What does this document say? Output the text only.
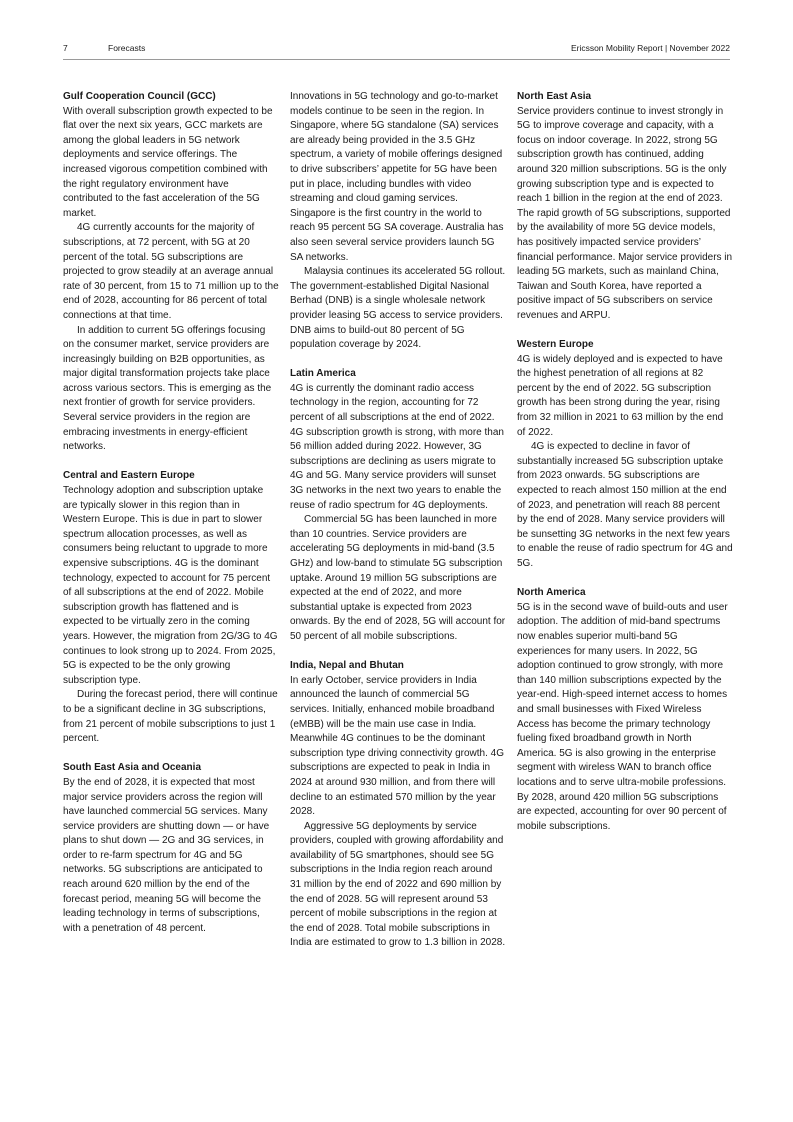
7	Forecasts	Ericsson Mobility Report | November 2022
Gulf Cooperation Council (GCC)

With overall subscription growth expected to be flat over the next six years, GCC markets are among the global leaders in 5G network deployments and service offerings. The increased vigorous competition combined with the right regulatory environment have contributed to the fast acceleration of the 5G market.

4G currently accounts for the majority of subscriptions, at 72 percent, with 5G at 20 percent of the total. 5G subscriptions are projected to grow steadily at an average annual rate of 30 percent, from 15 to 71 million up to the end of 2028, accounting for 86 percent of total connections at that time.

In addition to current 5G offerings focusing on the consumer market, service providers are increasingly building on B2B opportunities, as major digital transformation projects take place across various sectors. This is emerging as the next frontier of growth for service providers. Several service providers in the region are embracing investments in energy-efficient networks.

Central and Eastern Europe

Technology adoption and subscription uptake are typically slower in this region than in Western Europe. This is due in part to slower spectrum allocation processes, as well as consumers being reluctant to upgrade to more expensive subscriptions. 4G is the dominant technology, expected to account for 75 percent of all subscriptions at the end of 2022. Mobile subscription growth has flattened and is expected to be virtually zero in the coming years. However, the migration from 2G/3G to 4G continues to look strong up to 2024. From 2025, 5G is expected to be the only growing subscription type.

During the forecast period, there will continue to be a significant decline in 3G subscriptions, from 21 percent of mobile subscriptions to just 1 percent.

South East Asia and Oceania

By the end of 2028, it is expected that most major service providers across the region will have launched commercial 5G services. Many service providers are shutting down — or have plans to shut down — 2G and 3G services, in order to re-farm spectrum for 4G and 5G networks. 5G subscriptions are anticipated to reach around 620 million by the end of the forecast period, meaning 5G will become the leading technology in terms of subscriptions, with a penetration of 48 percent.

Innovations in 5G technology and go-to-market models continue to be seen in the region. In Singapore, where 5G standalone (SA) services are already being provided in the 3.5 GHz spectrum, a variety of mobile offerings designed to drive subscribers’ appetite for 5G have been put in place, including bundles with video streaming and cloud gaming services. Singapore is the first country in the world to reach 95 percent 5G SA coverage. Australia has also seen several service providers launch 5G SA networks.

Malaysia continues its accelerated 5G rollout. The government-established Digital Nasional Berhad (DNB) is a single wholesale network provider leasing 5G access to service providers. DNB aims to build-out 80 percent of 5G population coverage by 2024.

Latin America

4G is currently the dominant radio access technology in the region, accounting for 72 percent of all subscriptions at the end of 2022. 4G subscription growth is strong, with more than 56 million added during 2022. However, 3G subscriptions are declining as users migrate to 4G and 5G. Many service providers will sunset 3G networks in the next two years to enable the reuse of radio spectrum for 4G deployments.

Commercial 5G has been launched in more than 10 countries. Service providers are accelerating 5G deployments in mid-band (3.5 GHz) and low-band to stimulate 5G subscription uptake. Around 19 million 5G subscriptions are expected at the end of 2022, and more substantial uptake is expected from 2023 onwards. By the end of 2028, 5G will account for 50 percent of all mobile subscriptions.

India, Nepal and Bhutan

In early October, service providers in India announced the launch of commercial 5G services. Initially, enhanced mobile broadband (eMBB) will be the main use case in India. Meanwhile 4G continues to be the dominant subscription type driving connectivity growth. 4G subscriptions are expected to peak in India in 2024 at around 930 million, and from there will decline to an estimated 570 million by the year 2028.

Aggressive 5G deployments by service providers, coupled with growing affordability and availability of 5G smartphones, should see 5G subscriptions in the India region reach around 31 million by the end of 2022 and 690 million by the end of 2028. 5G will represent around 53 percent of mobile subscriptions in the region at the end of 2028. Total mobile subscriptions in India are estimated to grow to 1.3 billion in 2028.

North East Asia

Service providers continue to invest strongly in 5G to improve coverage and capacity, with a focus on indoor coverage. In 2022, strong 5G subscription growth has continued, adding around 320 million subscriptions. 5G is the only growing subscription type and is expected to reach 1 billion in the region at the end of 2023. The rapid growth of 5G subscriptions, supported by the availability of more 5G device models, has positively impacted service providers’ financial performance. Major service providers in leading 5G markets, such as mainland China, Taiwan and South Korea, have reported a positive impact of 5G subscribers on service revenues and ARPU.

Western Europe

4G is widely deployed and is expected to have the highest penetration of all regions at 82 percent by the end of 2022. 5G subscription growth has been strong during the year, rising from 32 million in 2021 to 63 million by the end of 2022.

4G is expected to decline in favor of substantially increased 5G subscription uptake from 2023 onwards. 5G subscriptions are expected to reach almost 150 million at the end of 2023, and penetration will reach 88 percent by the end of 2028. Many service providers will be sunsetting 3G networks in the next few years to enable the reuse of radio spectrum for 4G and 5G.

North America

5G is in the second wave of build-outs and user adoption. The addition of mid-band spectrums now enables superior multi-band 5G experiences for many users. In 2022, 5G adoption continued to grow strongly, with more than 140 million subscriptions expected by the year-end. High-speed internet access to homes and small businesses with Fixed Wireless Access has become the primary technology fueling fixed broadband growth in North America. 5G is also growing in the enterprise segment with wireless WAN to branch office locations and to serve ultra-mobile professions. By 2028, around 420 million 5G subscriptions are expected, accounting for over 90 percent of mobile subscriptions.
